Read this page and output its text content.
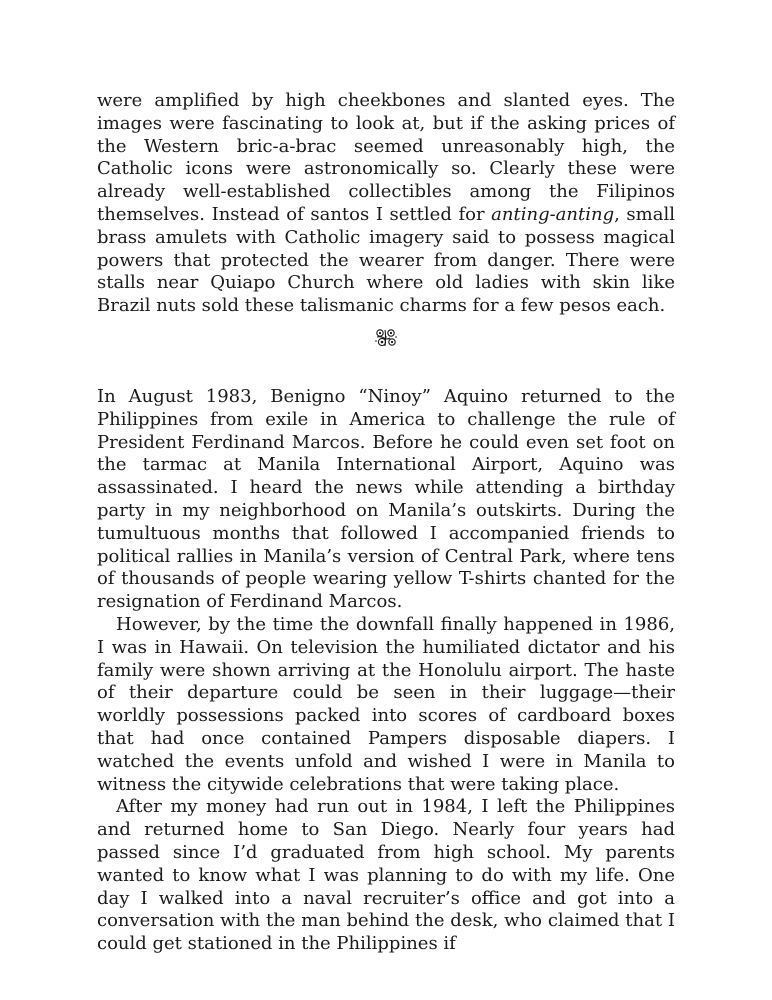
were amplified by high cheekbones and slanted eyes. The images were fascinating to look at, but if the asking prices of the Western bric-a-brac seemed unreasonably high, the Catholic icons were astronomically so. Clearly these were already well-established collectibles among the Filipinos themselves. Instead of santos I settled for anting-anting, small brass amulets with Catholic imagery said to possess magical powers that protected the wearer from danger. There were stalls near Quiapo Church where old ladies with skin like Brazil nuts sold these talismanic charms for a few pesos each.

In August 1983, Benigno “Ninoy” Aquino returned to the Philippines from exile in America to challenge the rule of President Ferdinand Marcos. Before he could even set foot on the tarmac at Manila International Airport, Aquino was assassinated. I heard the news while attending a birthday party in my neighborhood on Manila’s outskirts. During the tumultuous months that followed I accompanied friends to political rallies in Manila’s version of Central Park, where tens of thousands of people wearing yellow T-shirts chanted for the resignation of Ferdinand Marcos.

However, by the time the downfall finally happened in 1986, I was in Hawaii. On television the humiliated dictator and his family were shown arriving at the Honolulu airport. The haste of their departure could be seen in their luggage—their worldly possessions packed into scores of cardboard boxes that had once contained Pampers disposable diapers. I watched the events unfold and wished I were in Manila to witness the citywide celebrations that were taking place.

After my money had run out in 1984, I left the Philippines and returned home to San Diego. Nearly four years had passed since I’d graduated from high school. My parents wanted to know what I was planning to do with my life. One day I walked into a naval recruiter’s office and got into a conversation with the man behind the desk, who claimed that I could get stationed in the Philippines if
